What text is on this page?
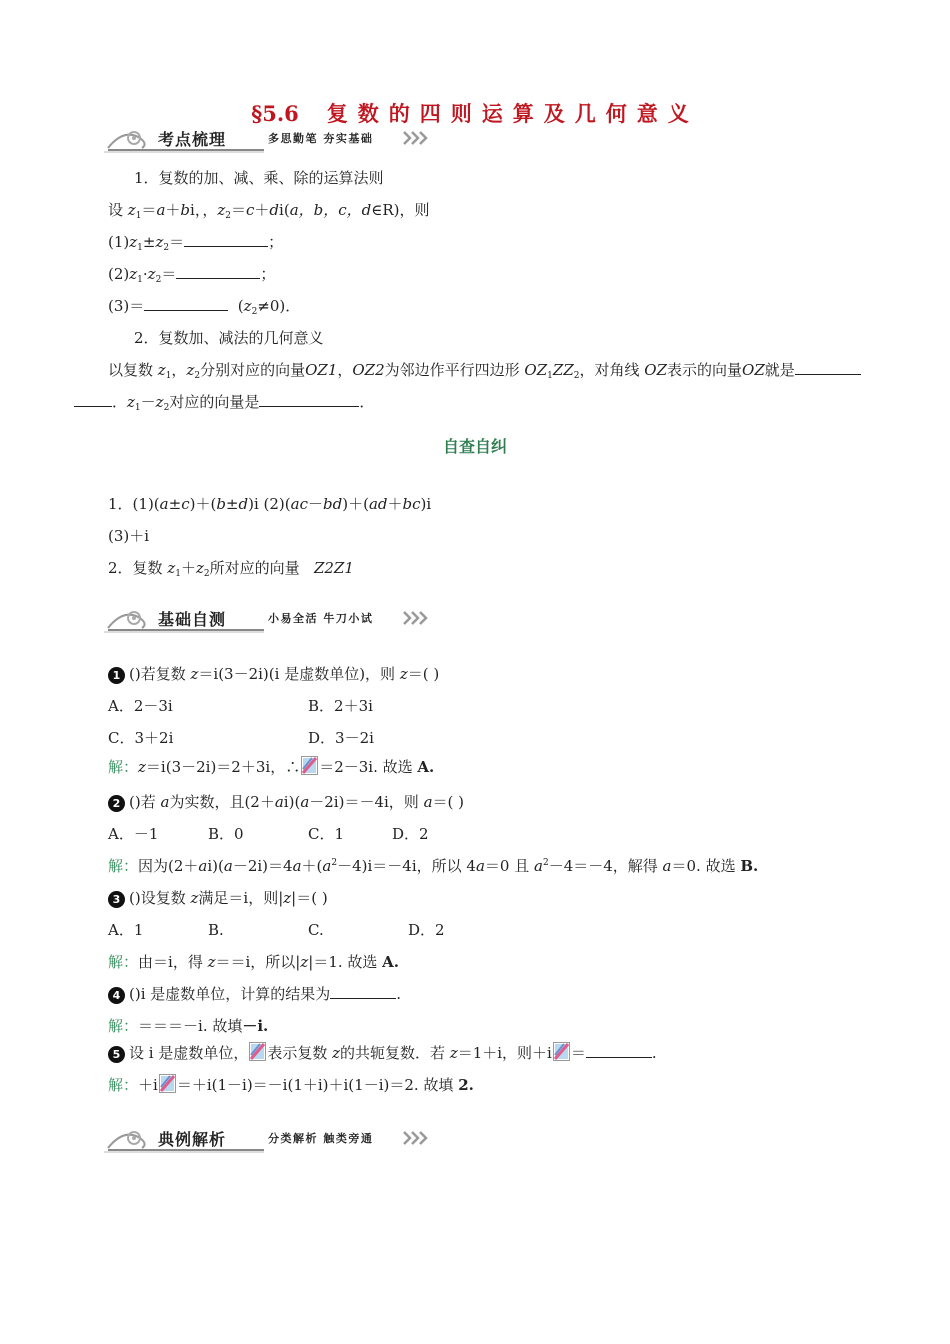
§5.6 复数的四则运算及几何意义
考点梳理	多思勤笔 夯实基础
1．复数的加、减、乘、除的运算法则
设 $z_1=a+bi$，，$z_2=c+di(a$，b，c，d∈R)，则
$(1)z_1\pm z_2=$	；
$(2)z_1\cdot z_2=$	；
(3)＝	$(z_2\ne 0)$．
2．复数加、减法的几何意义
以复数 $z_1$，$z_2$分别对应的向量OZ1，OZ2为邻边作平行四边形 $OZ_1ZZ_2$，对角线 OZ表示的向量OZ就是
．$z_1-z_2$对应的向量是	．
自查自纠
1．(1)(a±c)＋(b±d)i (2)(ac－bd)＋(ad＋bc)i
(3)＋i
2．复数 $z_1+z_2$所对应的向量   Z2Z1
基础自测	小易全活 牛刀小试
1 ()若复数 z＝i(3－2i)(i 是虚数单位)，则 z＝( )
A．2－3i	B．2＋3i
C．3＋2i	D．3－2i
解：z＝i(3－2i)＝2＋3i，∴ ＝2－3i. 故选 A.
2 ()若 a为实数，且(2＋ai)(a－2i)＝－4i，则 a＝( )
A．－1	B．0	C．1	D．2
解：因为$(2+ai)(a-2i)=4a+(a^2-4)i=-4i$，所以 4a＝0 且 $a^2-4=-4$，解得 a＝0. 故选 B.
3 ()设复数 z满足＝i，则|z|＝( )
A．1	B.	C.	D．2
解：由＝i，得 z＝＝i，所以|z|＝1. 故选 A.
4 ()i 是虚数单位，计算的结果为	.
解：＝＝＝－i. 故填－i.
5 设 i 是虚数单位， 表示复数 z的共轭复数．若 z＝1＋i，则＋i ＝	.
解：＋i ＝＋i(1－i)＝－i(1＋i)＋i(1－i)＝2. 故填 2.
典例解析	分类解析 触类旁通
